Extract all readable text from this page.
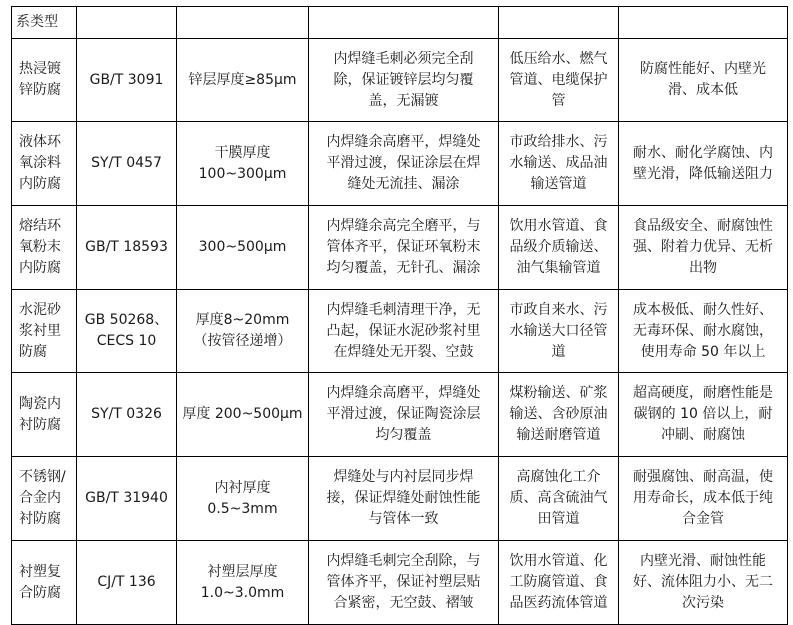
系类型					

热浸镀
锌防腐	GB/T 3091	锌层厚度≥85μm	内焊缝毛刺必须完全刮
除，保证镀锌层均匀覆
盖，无漏镀	低压给水、燃气
管道、电缆保护
管	防腐性能好、内壁光
滑、成本低

液体环
氧涂料
内防腐	SY/T 0457	干膜厚度
100~300μm	内焊缝余高磨平，焊缝处
平滑过渡，保证涂层在焊
缝处无流挂、漏涂	市政给排水、污
水输送、成品油
输送管道	耐水、耐化学腐蚀、内
壁光滑，降低输送阻力

熔结环
氧粉末
内防腐	GB/T 18593	300~500μm	内焊缝余高完全磨平，与
管体齐平，保证环氧粉末
均匀覆盖，无针孔、漏涂	饮用水管道、食
品级介质输送、
油气集输管道	食品级安全、耐腐蚀性
强、附着力优异、无析
出物

水泥砂
浆衬里
防腐	GB 50268、
CECS 10	厚度8~20mm
（按管径递增）	内焊缝毛刺清理干净，无
凸起，保证水泥砂浆衬里
在焊缝处无开裂、空鼓	市政自来水、污
水输送大口径管
道	成本极低、耐久性好、
无毒环保、耐水腐蚀，
使用寿命 50 年以上

陶瓷内
衬防腐	SY/T 0326	厚度 200~500μm	内焊缝余高磨平，焊缝处
平滑过渡，保证陶瓷涂层
均匀覆盖	煤粉输送、矿浆
输送、含砂原油
输送耐磨管道	超高硬度，耐磨性能是
碳钢的 10 倍以上，耐
冲刷、耐腐蚀

不锈钢/
合金内
衬防腐	GB/T 31940	内衬厚度
0.5~3mm	焊缝处与内衬层同步焊
接，保证焊缝处耐蚀性能
与管体一致	高腐蚀化工介
质、高含硫油气
田管道	耐强腐蚀、耐高温，使
用寿命长，成本低于纯
合金管

衬塑复
合防腐	CJ/T 136	衬塑层厚度
1.0~3.0mm	内焊缝毛刺完全刮除，与
管体齐平，保证衬塑层贴
合紧密，无空鼓、褶皱	饮用水管道、化
工防腐管道、食
品医药流体管道	内壁光滑、耐蚀性能
好、流体阻力小、无二
次污染
